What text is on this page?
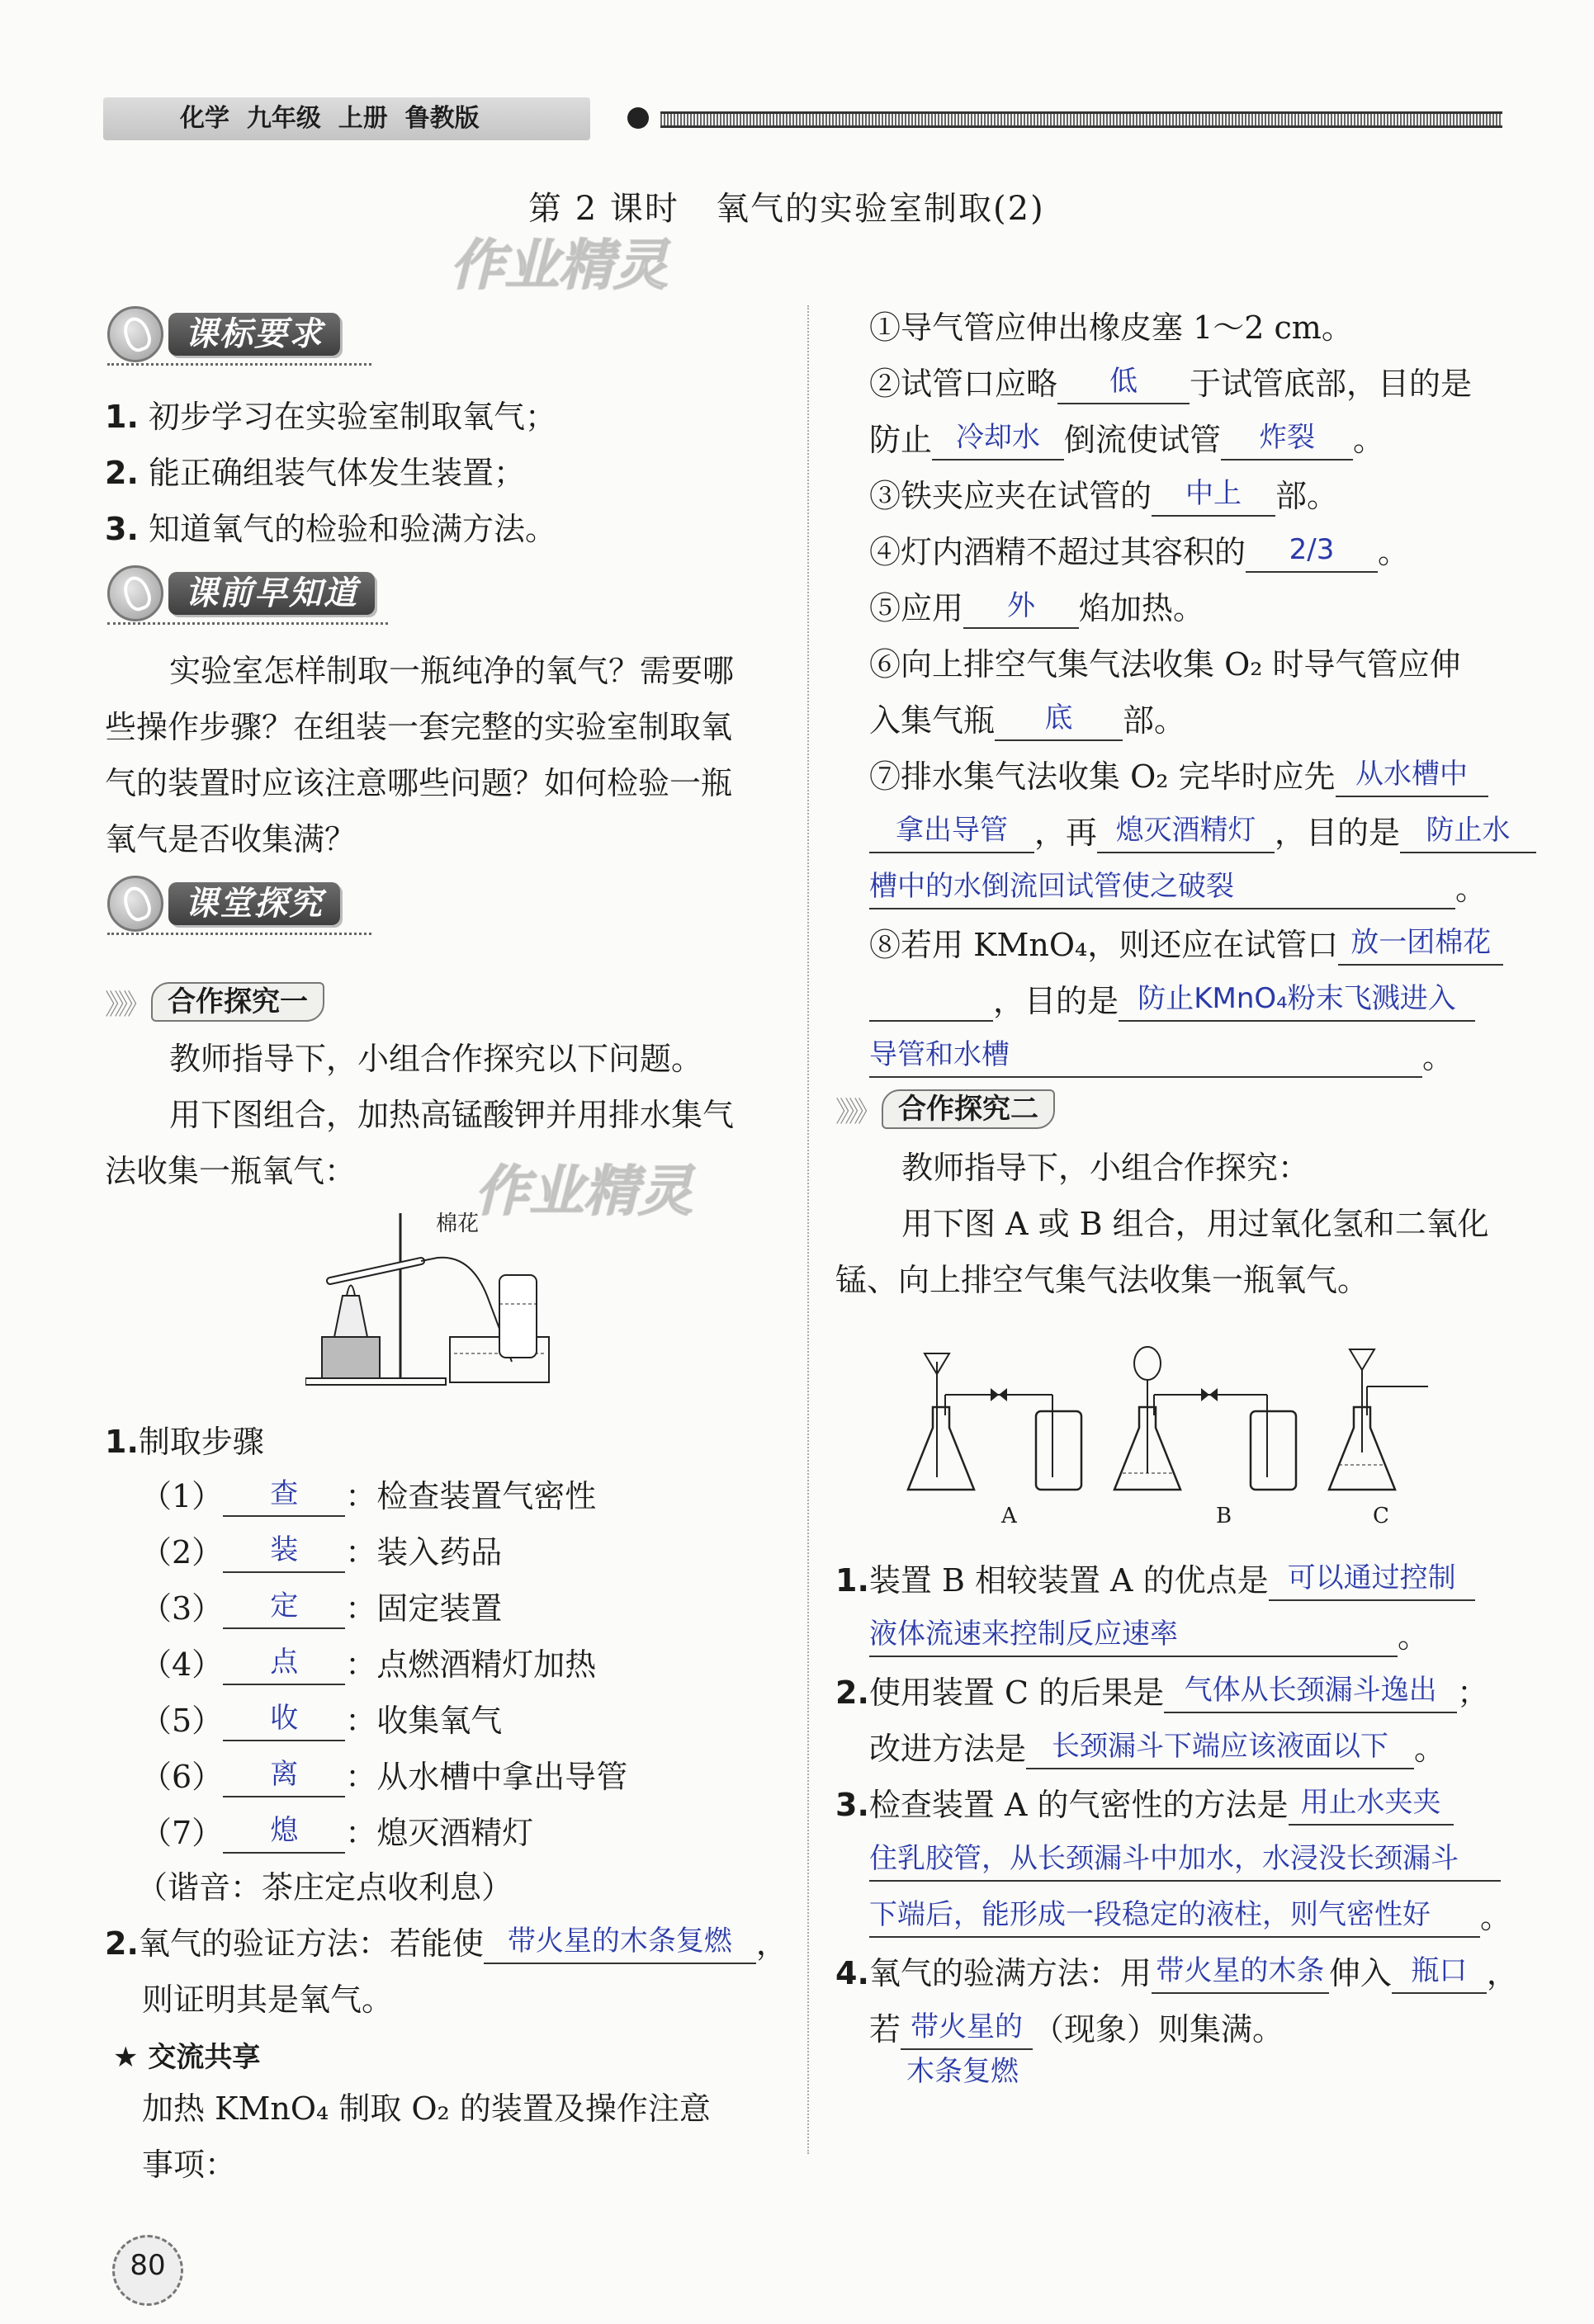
化学  九年级  上册  鲁教版
第 2 课时   氧气的实验室制取(2)
作业精灵
课标要求
1. 初步学习在实验室制取氧气；
2. 能正确组装气体发生装置；
3. 知道氧气的检验和验满方法。
课前早知道
实验室怎样制取一瓶纯净的氧气？需要哪
些操作步骤？在组装一套完整的实验室制取氧
气的装置时应该注意哪些问题？如何检验一瓶
氧气是否收集满？
课堂探究
》》》 合作探究一
教师指导下，小组合作探究以下问题。
用下图组合，加热高锰酸钾并用排水集气
法收集一瓶氧气： 作业精灵
棉花
1.制取步骤
（1） 查 ：检查装置气密性
（2） 装 ：装入药品
（3） 定 ：固定装置
（4） 点 ：点燃酒精灯加热
（5） 收 ：收集氧气
（6） 离 ：从水槽中拿出导管
（7） 熄 ：熄灭酒精灯
（谐音：茶庄定点收利息）
2.氧气的验证方法：若能使 带火星的木条复燃 ，
则证明其是氧气。
★ 交流共享
加热 KMnO₄ 制取 O₂ 的装置及操作注意
事项：
80
①导气管应伸出橡皮塞 1～2 cm。
②试管口应略 低 于试管底部，目的是
防止 冷却水 倒流使试管 炸裂 。
③铁夹应夹在试管的 中上 部。
④灯内酒精不超过其容积的 2/3 。
⑤应用 外 焰加热。
⑥向上排空气集气法收集 O₂ 时导气管应伸
入集气瓶 底 部。
⑦排水集气法收集 O₂ 完毕时应先 从水槽中
拿出导管 ，再 熄灭酒精灯 ，目的是 防止水
槽中的水倒流回试管使之破裂	。
⑧若用 KMnO₄，则还应在试管口 放一团棉花
，目的是 防止KMnO₄粉末飞溅进入
导管和水槽	。
》》》 合作探究二
教师指导下，小组合作探究：
用下图 A 或 B 组合，用过氧化氢和二氧化
锰、向上排空气集气法收集一瓶氧气。
A	B	C
1.装置 B 相较装置 A 的优点是 可以通过控制
液体流速来控制反应速率	。
2.使用装置 C 的后果是 气体从长颈漏斗逸出 ；
改进方法是 长颈漏斗下端应该液面以下 。
3.检查装置 A 的气密性的方法是 用止水夹夹
住乳胶管，从长颈漏斗中加水，水浸没长颈漏斗
下端后，能形成一段稳定的液柱，则气密性好 。
4.氧气的验满方法：用 带火星的木条 伸入 瓶口 ，
若 带火星的 （现象）则集满。
木条复燃
